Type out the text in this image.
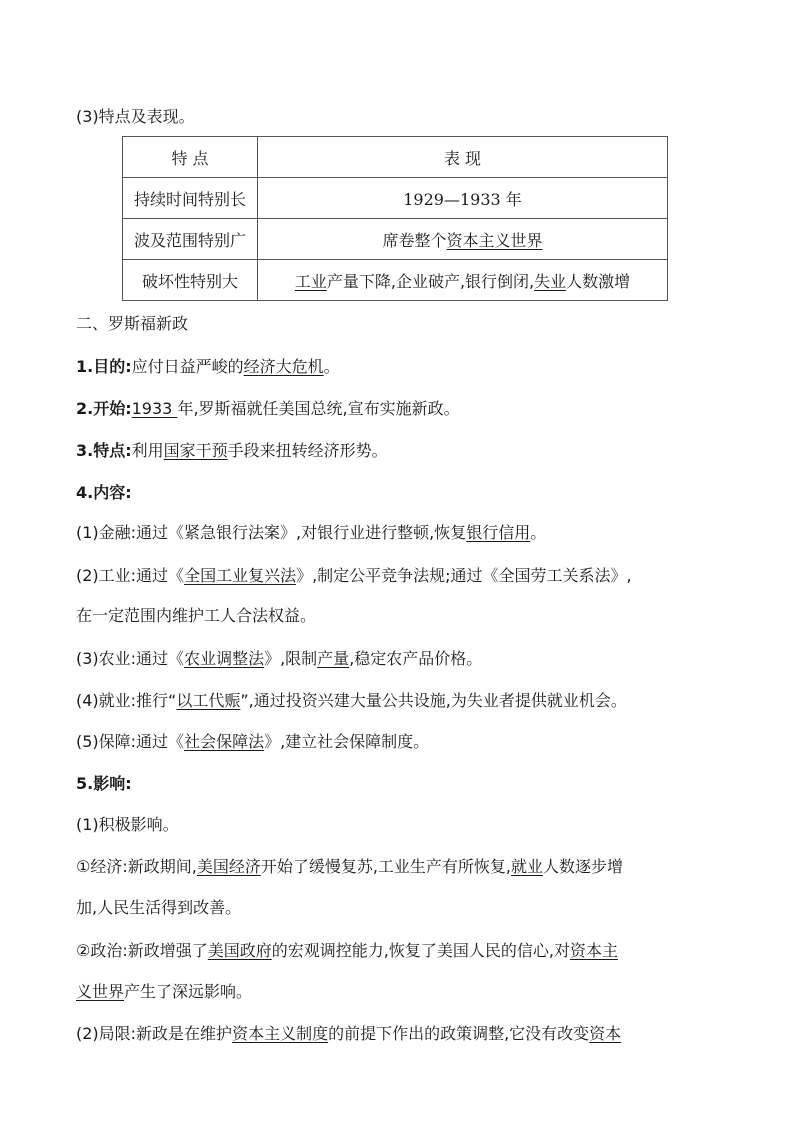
(3)特点及表现。
特 点	表 现
持续时间特别长	1929—1933 年
波及范围特别广	席卷整个资本主义世界
破坏性特别大	工业产量下降,企业破产,银行倒闭,失业人数激增
二、罗斯福新政
1.目的:应付日益严峻的经济大危机。
2.开始:1933 年,罗斯福就任美国总统,宣布实施新政。
3.特点:利用国家干预手段来扭转经济形势。
4.内容:
(1)金融:通过《紧急银行法案》,对银行业进行整顿,恢复银行信用。
(2)工业:通过《全国工业复兴法》,制定公平竞争法规;通过《全国劳工关系法》,
在一定范围内维护工人合法权益。
(3)农业:通过《农业调整法》,限制产量,稳定农产品价格。
(4)就业:推行“以工代赈”,通过投资兴建大量公共设施,为失业者提供就业机会。
(5)保障:通过《社会保障法》,建立社会保障制度。
5.影响:
(1)积极影响。
①经济:新政期间,美国经济开始了缓慢复苏,工业生产有所恢复,就业人数逐步增
加,人民生活得到改善。
②政治:新政增强了美国政府的宏观调控能力,恢复了美国人民的信心,对资本主
义世界产生了深远影响。
(2)局限:新政是在维护资本主义制度的前提下作出的政策调整,它没有改变资本
